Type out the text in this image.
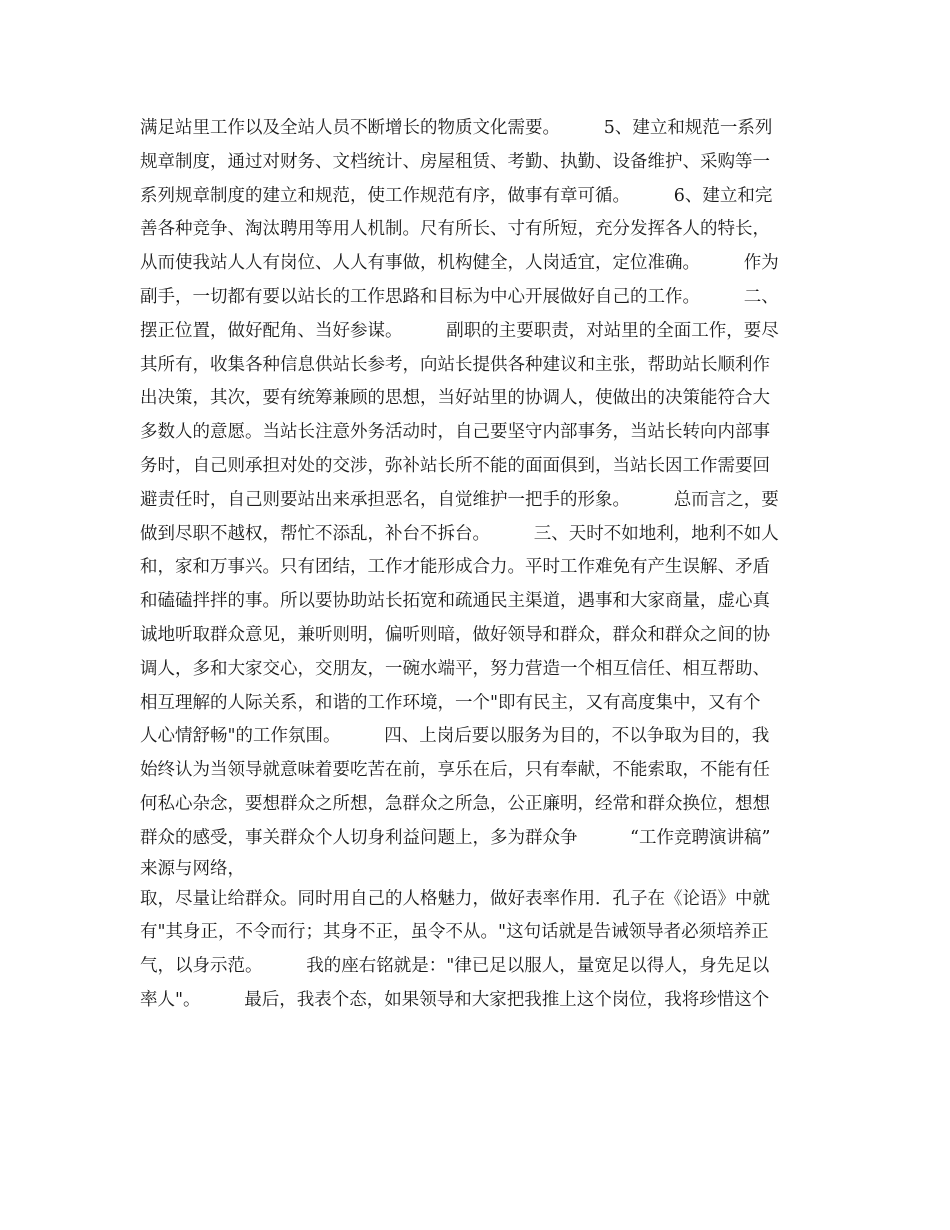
满足站里工作以及全站人员不断增长的物质文化需要。　　　5、建立和规范一系列
规章制度，通过对财务、文档统计、房屋租赁、考勤、执勤、设备维护、采购等一
系列规章制度的建立和规范，使工作规范有序，做事有章可循。　　　6、建立和完
善各种竞争、淘汰聘用等用人机制。尺有所长、寸有所短，充分发挥各人的特长，
从而使我站人人有岗位、人人有事做，机构健全，人岗适宜，定位准确。　　　作为
副手，一切都有要以站长的工作思路和目标为中心开展做好自己的工作。　　　二、
摆正位置，做好配角、当好参谋。　　　副职的主要职责，对站里的全面工作，要尽
其所有，收集各种信息供站长参考，向站长提供各种建议和主张，帮助站长顺利作
出决策，其次，要有统筹兼顾的思想，当好站里的协调人，使做出的决策能符合大
多数人的意愿。当站长注意外务活动时，自己要坚守内部事务，当站长转向内部事
务时，自己则承担对处的交涉，弥补站长所不能的面面俱到，当站长因工作需要回
避责任时，自己则要站出来承担恶名，自觉维护一把手的形象。　　　总而言之，要
做到尽职不越权，帮忙不添乱，补台不拆台。　　　三、天时不如地利，地利不如人
和，家和万事兴。只有团结，工作才能形成合力。平时工作难免有产生误解、矛盾
和磕磕拌拌的事。所以要协助站长拓宽和疏通民主渠道，遇事和大家商量，虚心真
诚地听取群众意见，兼听则明，偏听则暗，做好领导和群众，群众和群众之间的协
调人，多和大家交心，交朋友，一碗水端平，努力营造一个相互信任、相互帮助、
相互理解的人际关系，和谐的工作环境，一个"即有民主，又有高度集中，又有个
人心情舒畅"的工作氛围。　　　四、上岗后要以服务为目的，不以争取为目的，我
始终认为当领导就意味着要吃苦在前，享乐在后，只有奉献，不能索取，不能有任
何私心杂念，要想群众之所想，急群众之所急，公正廉明，经常和群众换位，想想
群众的感受，事关群众个人切身利益问题上，多为群众争　　　“工作竞聘演讲稿”
来源与网络，
取，尽量让给群众。同时用自己的人格魅力，做好表率作用．孔子在《论语》中就
有"其身正，不令而行；其身不正，虽令不从。"这句话就是告诫领导者必须培养正
气，以身示范。　　　我的座右铭就是："律已足以服人，量宽足以得人，身先足以
率人"。　　　最后，我表个态，如果领导和大家把我推上这个岗位，我将珍惜这个
